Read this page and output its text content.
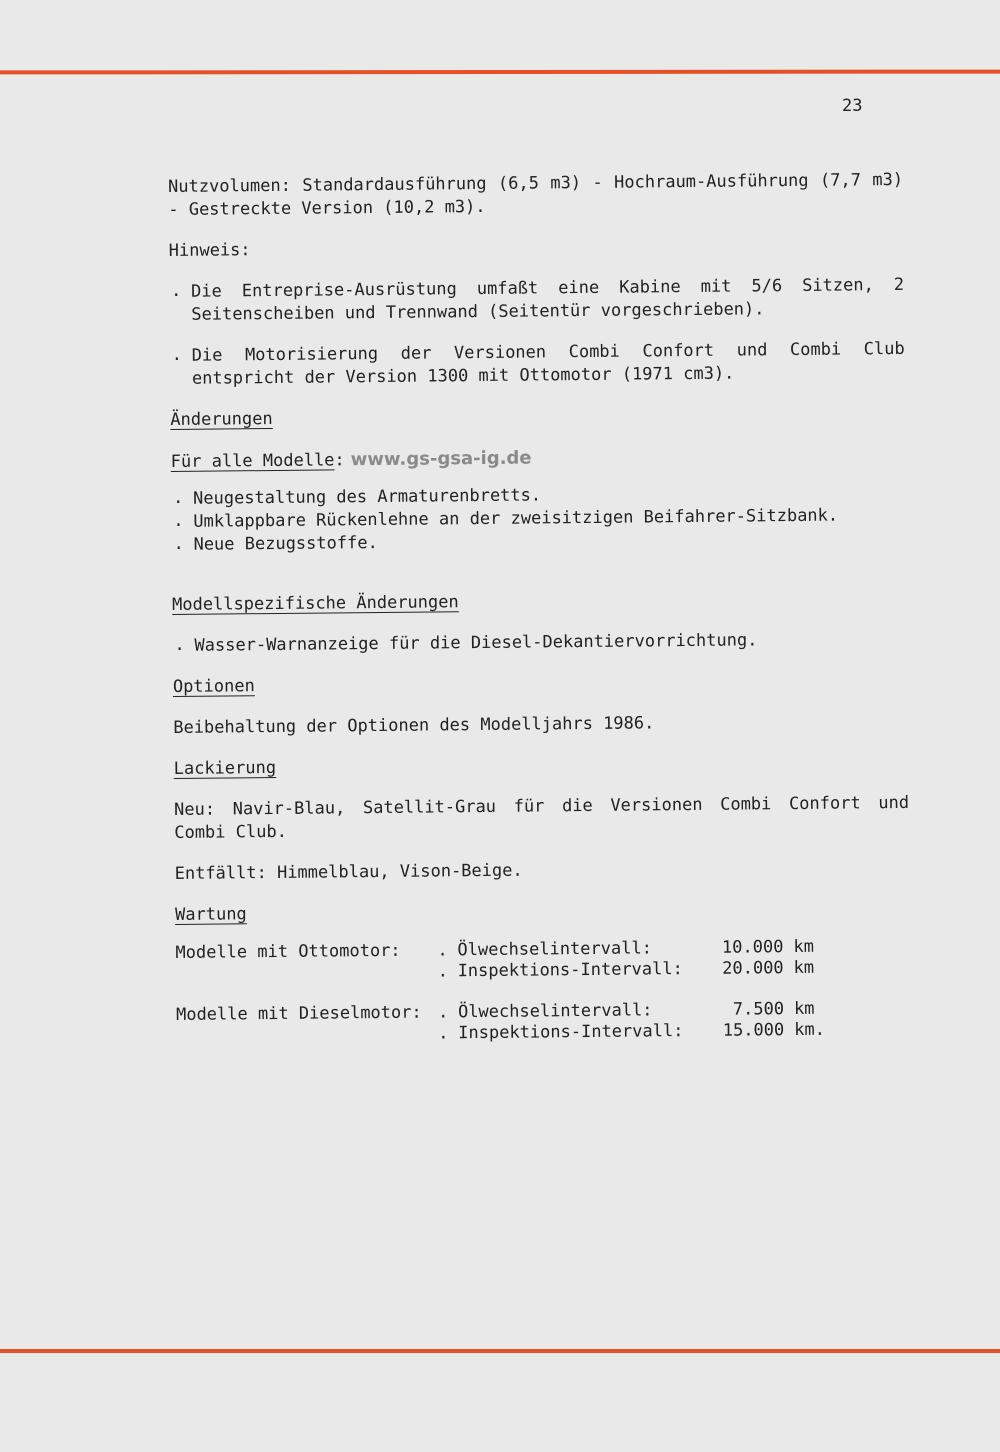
23

Nutzvolumen: Standardausführung (6,5 m3) - Hochraum-Ausführung (7,7 m3) - Gestreckte Version (10,2 m3).

Hinweis:

. Die Entreprise-Ausrüstung umfaßt eine Kabine mit 5/6 Sitzen, 2 Seitenscheiben und Trennwand (Seitentür vorgeschrieben).

. Die Motorisierung der Versionen Combi Confort und Combi Club entspricht der Version 1300 mit Ottomotor (1971 cm3).

Änderungen

Für alle Modelle: www.gs-gsa-ig.de

. Neugestaltung des Armaturenbretts.

. Umklappbare Rückenlehne an der zweisitzigen Beifahrer-Sitzbank.

. Neue Bezugsstoffe.

Modellspezifische Änderungen

. Wasser-Warnanzeige für die Diesel-Dekantiervorrichtung.

Optionen

Beibehaltung der Optionen des Modelljahrs 1986.

Lackierung

Neu: Navir-Blau, Satellit-Grau für die Versionen Combi Confort und Combi Club.

Entfällt: Himmelblau, Vison-Beige.

Wartung

Modelle mit Ottomotor:	.	Ölwechselintervall:	10.000	km
	.	Inspektions-Intervall:	20.000	km
Modelle mit Dieselmotor:	.	Ölwechselintervall:	7.500	km
	.	Inspektions-Intervall:	15.000	km.
